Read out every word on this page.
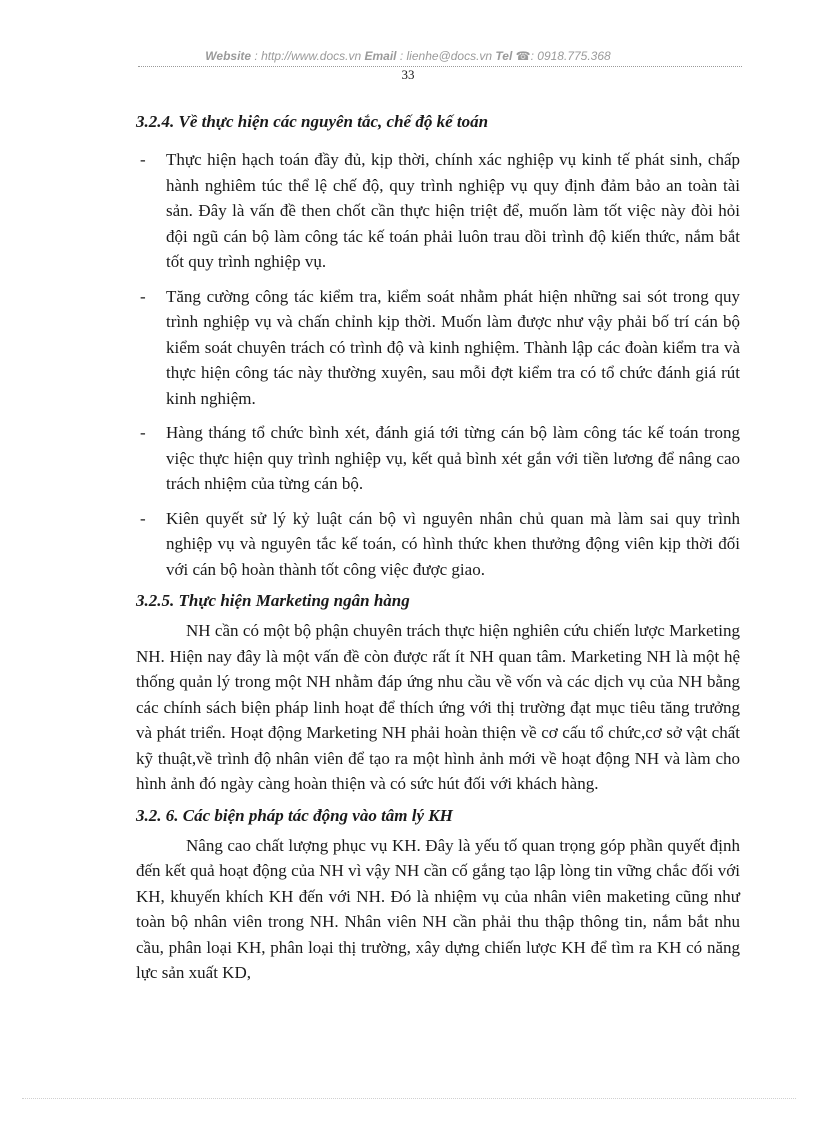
Website : http://www.docs.vn Email : lienhe@docs.vn Tel ☎: 0918.775.368
33
3.2.4. Về thực hiện các nguyên tắc, chế độ kế toán

- Thực hiện hạch toán đầy đủ, kịp thời, chính xác nghiệp vụ kinh tế phát sinh, chấp hành nghiêm túc thể lệ chế độ, quy trình nghiệp vụ quy định đảm bảo an toàn tài sản. Đây là vấn đề then chốt cần thực hiện triệt để, muốn làm tốt việc này đòi hỏi đội ngũ cán bộ làm công tác kế toán phải luôn trau dồi trình độ kiến thức, nắm bắt tốt quy trình nghiệp vụ.

- Tăng cường công tác kiểm tra, kiểm soát nhằm phát hiện những sai sót trong quy trình nghiệp vụ và chấn chỉnh kịp thời. Muốn làm được như vậy phải bố trí cán bộ kiểm soát chuyên trách có trình độ và kinh nghiệm. Thành lập các đoàn kiểm tra và thực hiện công tác này thường xuyên, sau mỗi đợt kiểm tra có tổ chức đánh giá rút kinh nghiệm.

- Hàng tháng tổ chức bình xét, đánh giá tới từng cán bộ làm công tác kế toán trong việc thực hiện quy trình nghiệp vụ, kết quả bình xét gắn với tiền lương để nâng cao trách nhiệm của từng cán bộ.

- Kiên quyết sử lý kỷ luật cán bộ vì nguyên nhân chủ quan mà làm sai quy trình nghiệp vụ và nguyên tắc kế toán, có hình thức khen thưởng động viên kịp thời đối với cán bộ hoàn thành tốt công việc được giao.

3.2.5. Thực hiện Marketing ngân hàng

NH cần có một bộ phận chuyên trách thực hiện nghiên cứu chiến lược Marketing NH. Hiện nay đây là một vấn đề còn được rất ít NH quan tâm. Marketing NH là một hệ thống quản lý trong một NH nhằm đáp ứng nhu cầu về vốn và các dịch vụ của NH bằng các chính sách biện pháp linh hoạt để thích ứng với thị trường đạt mục tiêu tăng trưởng và phát triển. Hoạt động Marketing NH phải hoàn thiện về cơ cấu tổ chức,cơ sở vật chất kỹ thuật,về trình độ nhân viên để tạo ra một hình ảnh mới về hoạt động NH và làm cho hình ảnh đó ngày càng hoàn thiện và có sức hút đối với khách hàng.

3.2. 6. Các biện pháp tác động vào tâm lý KH

Nâng cao chất lượng phục vụ KH. Đây là yếu tố quan trọng góp phần quyết định đến kết quả hoạt động của NH vì vậy NH cần cố gắng tạo lập lòng tin vững chắc đối với KH, khuyến khích KH đến với NH. Đó là nhiệm vụ của nhân viên maketing cũng như toàn bộ nhân viên trong NH. Nhân viên NH cần phải thu thập thông tin, nắm bắt nhu cầu, phân loại KH, phân loại thị trường, xây dựng chiến lược KH để tìm ra KH có năng lực sản xuất KD,
